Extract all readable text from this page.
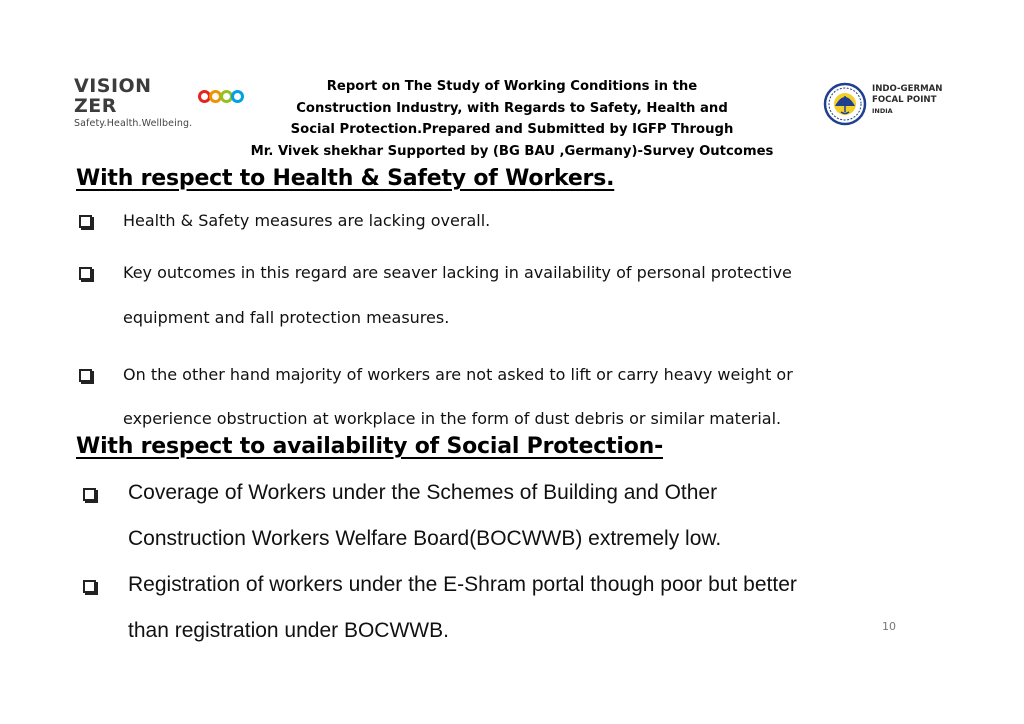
VISION ZER
Safety.Health.Wellbeing.
Report on The Study of Working Conditions in the
Construction Industry, with Regards to Safety, Health and
Social Protection.Prepared and Submitted by IGFP Through
Mr. Vivek shekhar Supported by (BG BAU ,Germany)-Survey Outcomes
INDO-GERMAN
FOCAL POINT
INDIA
With respect to Health & Safety of Workers.
Health & Safety measures are lacking overall.
Key outcomes in this regard are seaver lacking in availability of personal protective
equipment and fall protection measures.
On the other hand majority of workers are not asked to lift or carry heavy weight or
experience obstruction at workplace in the form of dust debris or similar material.
With respect to availability of Social Protection-
Coverage of Workers under the Schemes of Building and Other
Construction Workers Welfare Board(BOCWWB) extremely low.
Registration of workers under the E-Shram portal though poor but better
than registration under BOCWWB.	10
